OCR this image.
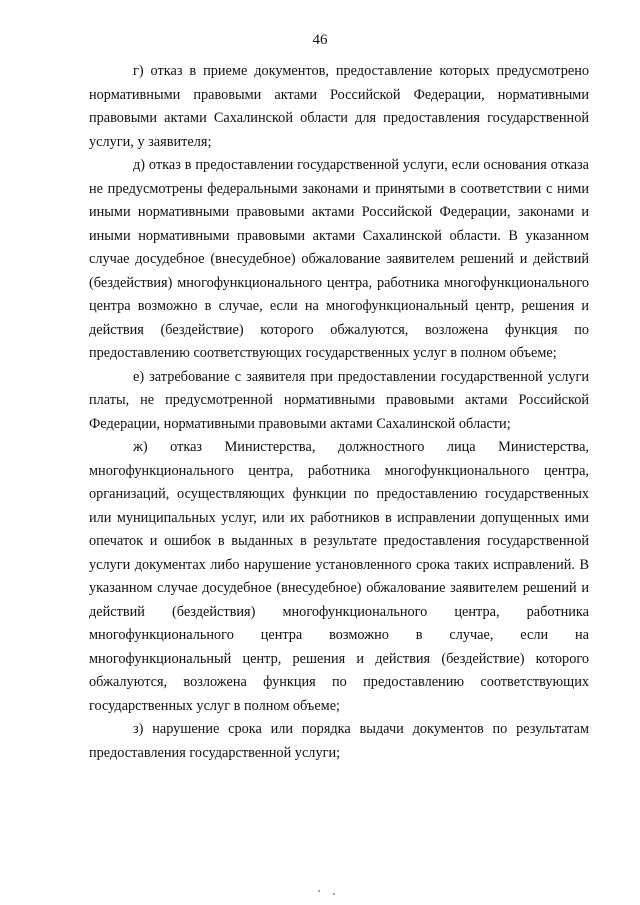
46

г) отказ в приеме документов, предоставление которых предусмотрено нормативными правовыми актами Российской Федерации, нормативными правовыми актами Сахалинской области для предоставления государственной услуги, у заявителя;

д) отказ в предоставлении государственной услуги, если основания отказа не предусмотрены федеральными законами и принятыми в соответствии с ними иными нормативными правовыми актами Российской Федерации, законами и иными нормативными правовыми актами Сахалинской области. В указанном случае досудебное (внесудебное) обжалование заявителем решений и действий (бездействия) многофункционального центра, работника многофункционального центра возможно в случае, если на многофункциональный центр, решения и действия (бездействие) которого обжалуются, возложена функция по предоставлению соответствующих государственных услуг в полном объеме;

е) затребование с заявителя при предоставлении государственной услуги платы, не предусмотренной нормативными правовыми актами Российской Федерации, нормативными правовыми актами Сахалинской области;

ж) отказ Министерства, должностного лица Министерства, многофункционального центра, работника многофункционального центра, организаций, осуществляющих функции по предоставлению государственных или муниципальных услуг, или их работников в исправлении допущенных ими опечаток и ошибок в выданных в результате предоставления государственной услуги документах либо нарушение установленного срока таких исправлений. В указанном случае досудебное (внесудебное) обжалование заявителем решений и действий (бездействия) многофункционального центра, работника многофункционального центра возможно в случае, если на многофункциональный центр, решения и действия (бездействие) которого обжалуются, возложена функция по предоставлению соответствующих государственных услуг в полном объеме;

з) нарушение срока или порядка выдачи документов по результатам предоставления государственной услуги;
